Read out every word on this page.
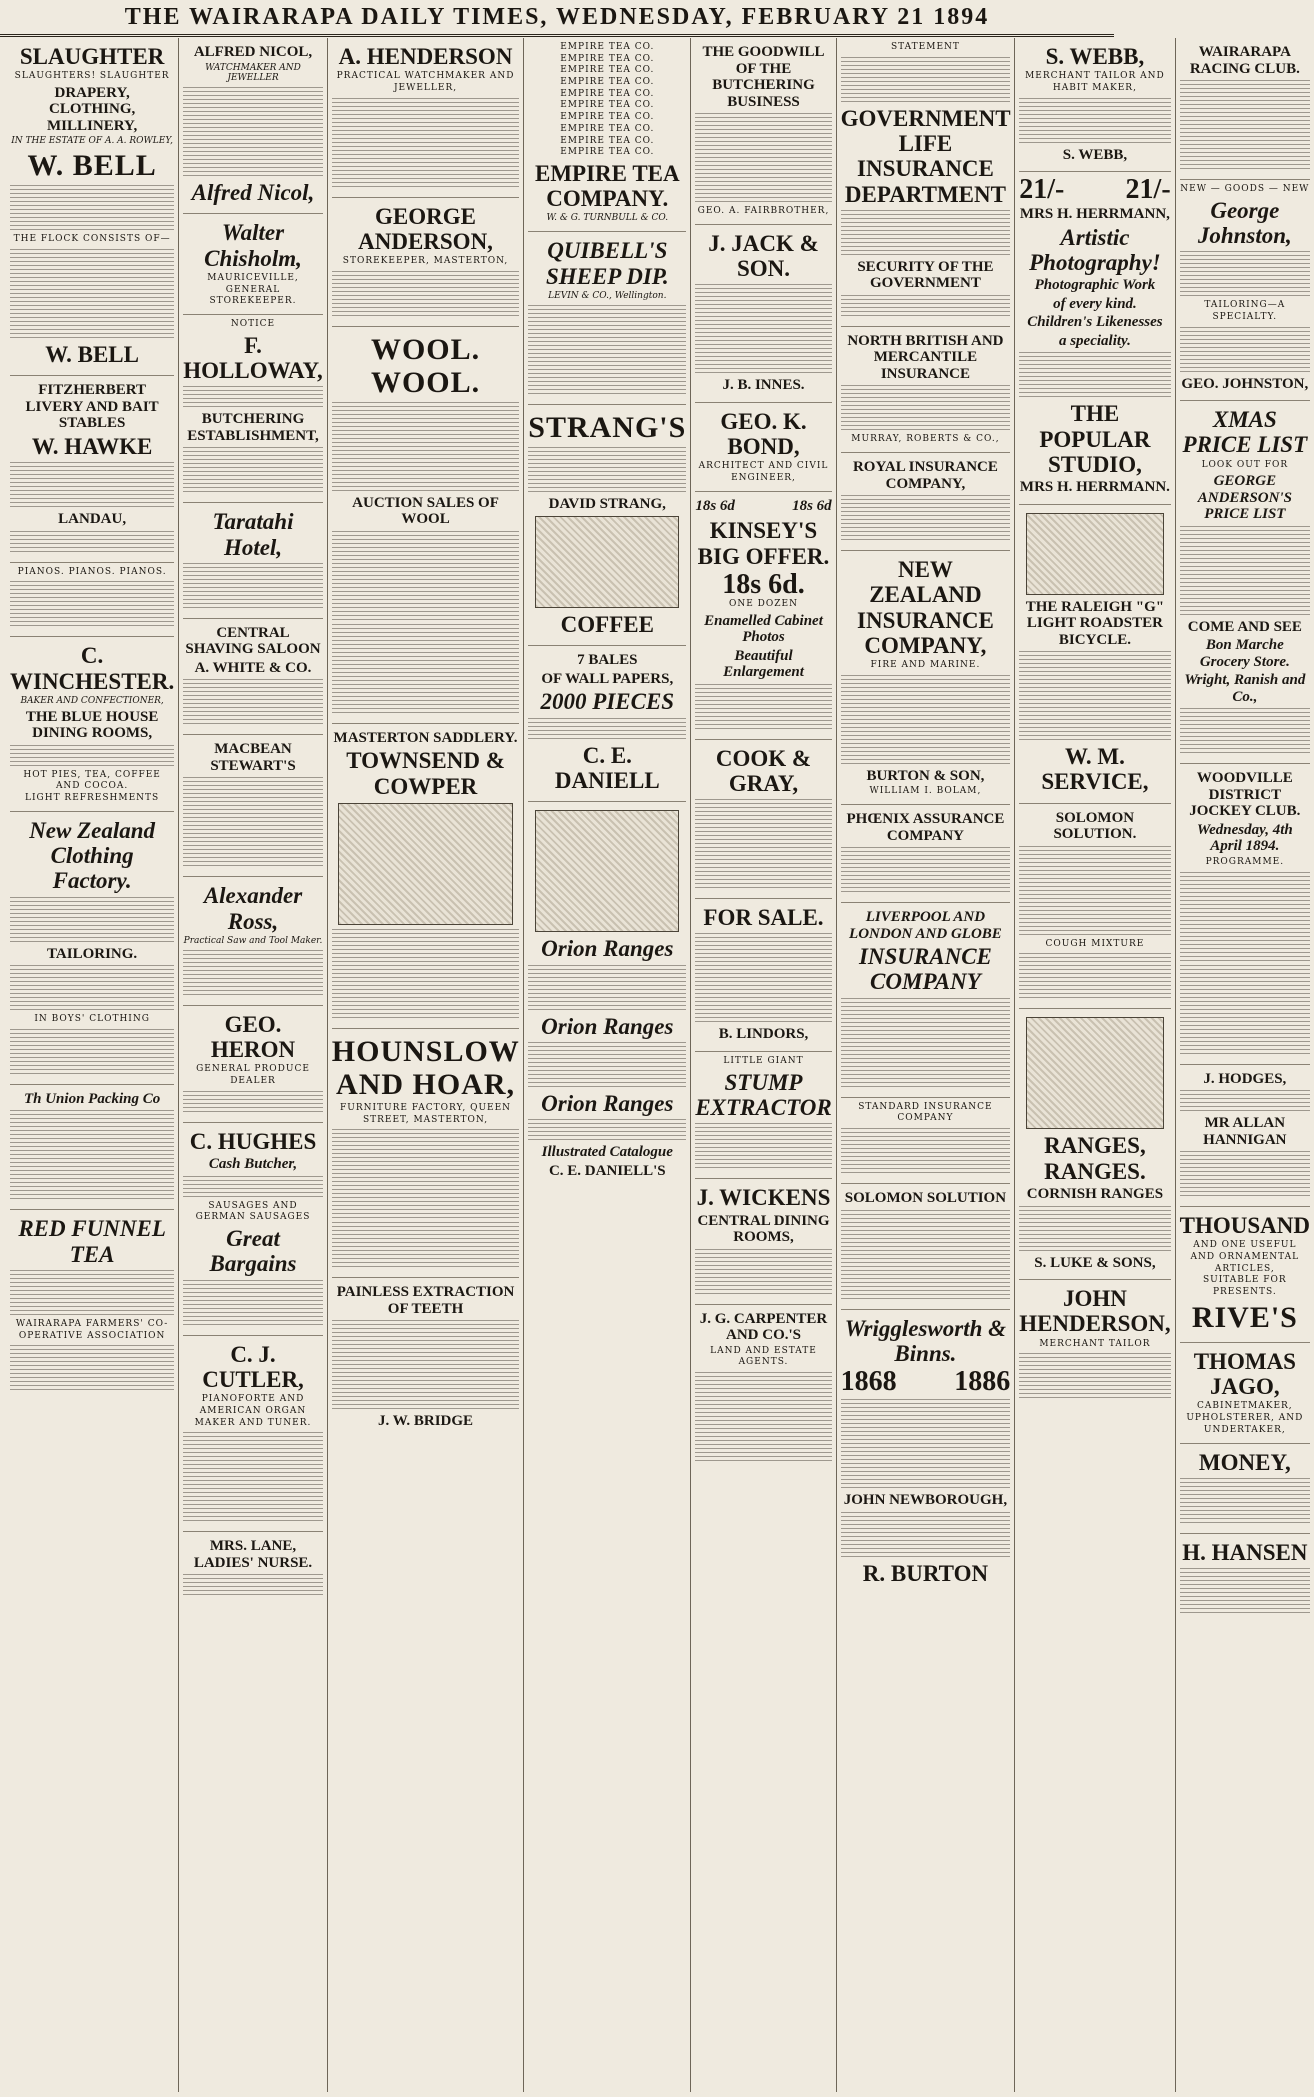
THE WAIRARAPA DAILY TIMES, WEDNESDAY, FEBRUARY 21 1894
SLAUGHTER
SLAUGHTERS! SLAUGHTER
DRAPERY, CLOTHING, MILLINERY,
IN THE ESTATE OF A. A. ROWLEY,
W. BELL
THE FLOCK CONSISTS OF—
W. BELL
FITZHERBERT LIVERY AND BAIT STABLES
W. HAWKE
LANDAU,
PIANOS. PIANOS. PIANOS.
C. WINCHESTER.
BAKER AND CONFECTIONER,
THE BLUE HOUSE DINING ROOMS,
HOT PIES, TEA, COFFEE AND COCOA.
LIGHT REFRESHMENTS
New Zealand Clothing Factory.
TAILORING.
IN BOYS' CLOTHING
Th Union Packing Co
RED FUNNEL TEA
WAIRARAPA FARMERS' CO-OPERATIVE ASSOCIATION
ALFRED NICOL,
WATCHMAKER AND JEWELLER
Alfred Nicol,
Walter Chisholm,
MAURICEVILLE, GENERAL STOREKEEPER.
NOTICE
F. HOLLOWAY,
BUTCHERING ESTABLISHMENT,
Taratahi Hotel,
CENTRAL SHAVING SALOON
A. WHITE & CO.
MACBEAN STEWART'S
Alexander Ross,
Practical Saw and Tool Maker.
GEO. HERON
GENERAL PRODUCE DEALER
C. HUGHES
Cash Butcher,
SAUSAGES AND GERMAN SAUSAGES
Great Bargains
C. J. CUTLER,
PIANOFORTE AND AMERICAN ORGAN MAKER AND TUNER.
MRS. LANE, LADIES' NURSE.
A. HENDERSON
PRACTICAL WATCHMAKER AND JEWELLER,
GEORGE ANDERSON,
STOREKEEPER, MASTERTON,
WOOL. WOOL.
AUCTION SALES OF WOOL
MASTERTON SADDLERY.
TOWNSEND & COWPER
HOUNSLOW AND HOAR,
FURNITURE FACTORY, QUEEN STREET, MASTERTON,
PAINLESS EXTRACTION OF TEETH
J. W. BRIDGE
EMPIRE TEA CO.
EMPIRE TEA CO.
EMPIRE TEA CO.
EMPIRE TEA CO.
EMPIRE TEA CO.
EMPIRE TEA CO.
EMPIRE TEA CO.
EMPIRE TEA CO.
EMPIRE TEA CO.
EMPIRE TEA CO.
EMPIRE TEA COMPANY.
W. & G. TURNBULL & CO.
QUIBELL'S SHEEP DIP.
LEVIN & CO., Wellington.
STRANG'S
DAVID STRANG,
COFFEE
7 BALES
OF WALL PAPERS,
2000 PIECES
C. E. DANIELL
Orion Ranges
Orion Ranges
Orion Ranges
Illustrated Catalogue
C. E. DANIELL'S
THE GOODWILL OF THE BUTCHERING BUSINESS
GEO. A. FAIRBROTHER,
J. JACK & SON.
J. B. INNES.
GEO. K. BOND,
ARCHITECT AND CIVIL ENGINEER,
18s 6d	18s 6d
KINSEY'S BIG OFFER.
18s 6d.
ONE DOZEN
Enamelled Cabinet Photos
Beautiful Enlargement
COOK & GRAY,
FOR SALE.
B. LINDORS,
LITTLE GIANT
STUMP EXTRACTOR
J. WICKENS
CENTRAL DINING ROOMS,
J. G. CARPENTER AND CO.'S
LAND AND ESTATE AGENTS.
STATEMENT
GOVERNMENT LIFE INSURANCE DEPARTMENT
SECURITY OF THE GOVERNMENT
NORTH BRITISH AND MERCANTILE INSURANCE
MURRAY, ROBERTS & CO.,
ROYAL INSURANCE COMPANY,
NEW ZEALAND INSURANCE COMPANY,
FIRE AND MARINE.
BURTON & SON,
WILLIAM I. BOLAM,
PHŒNIX ASSURANCE COMPANY
LIVERPOOL AND LONDON AND GLOBE
INSURANCE COMPANY
STANDARD INSURANCE COMPANY
SOLOMON SOLUTION
Wrigglesworth & Binns.
1868 1886
JOHN NEWBOROUGH,
R. BURTON
S. WEBB,
MERCHANT TAILOR AND HABIT MAKER,
S. WEBB,
21/- 21/-
MRS H. HERRMANN,
Artistic Photography!
Photographic Work
of every kind.
Children's Likenesses
a speciality.
THE POPULAR STUDIO,
MRS H. HERRMANN.
THE RALEIGH "G" LIGHT ROADSTER BICYCLE.
W. M. SERVICE,
SOLOMON SOLUTION.
COUGH MIXTURE
RANGES, RANGES.
CORNISH RANGES
S. LUKE & SONS,
JOHN HENDERSON,
MERCHANT TAILOR
WAIRARAPA RACING CLUB.
NEW — GOODS — NEW
George Johnston,
TAILORING—A SPECIALTY.
GEO. JOHNSTON,
XMAS PRICE LIST
LOOK OUT FOR
GEORGE ANDERSON'S PRICE LIST
COME AND SEE
Bon Marche Grocery Store.
Wright, Ranish and Co.,
WOODVILLE DISTRICT JOCKEY CLUB.
Wednesday, 4th April 1894.
PROGRAMME.
J. HODGES,
MR ALLAN HANNIGAN
THOUSAND
AND ONE USEFUL AND ORNAMENTAL ARTICLES,
SUITABLE FOR PRESENTS.
RIVE'S
THOMAS JAGO,
CABINETMAKER, UPHOLSTERER, AND UNDERTAKER,
MONEY,
H. HANSEN
